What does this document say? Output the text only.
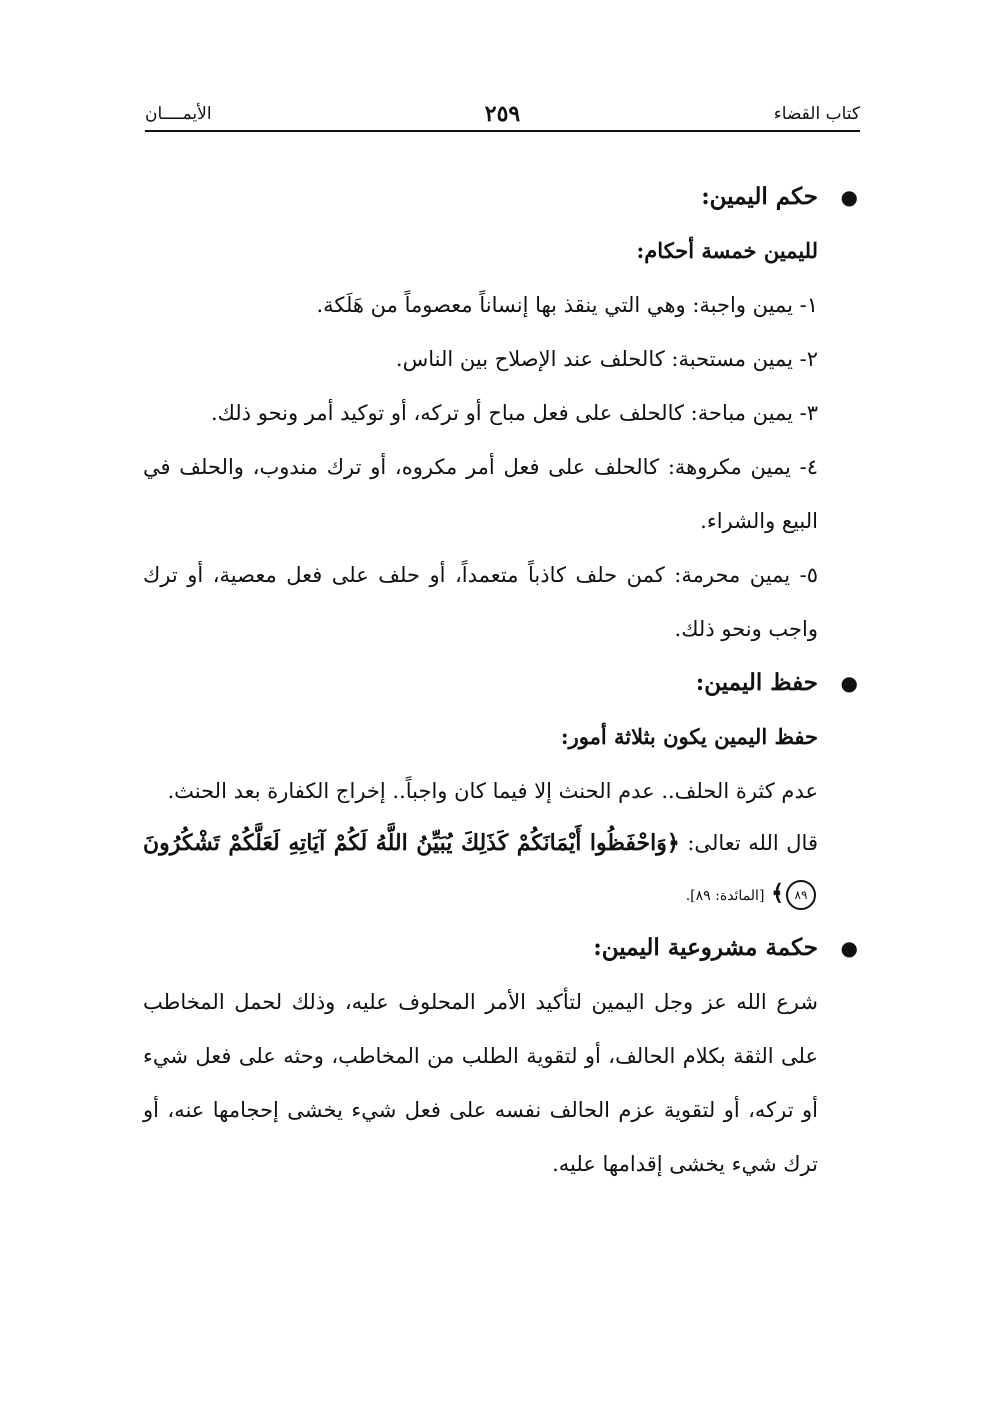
كتاب القضاء
٢٥٩
الأيمــــان

●
حكم اليمين:

لليمين خمسة أحكام:

١- يمين واجبة: وهي التي ينقذ بها إنساناً معصوماً من هَلَكة.

٢- يمين مستحبة: كالحلف عند الإصلاح بين الناس.

٣- يمين مباحة: كالحلف على فعل مباح أو تركه، أو توكيد أمر ونحو ذلك.

٤- يمين مكروهة: كالحلف على فعل أمر مكروه، أو ترك مندوب، والحلف في البيع والشراء.

٥- يمين محرمة: كمن حلف كاذباً متعمداً، أو حلف على فعل معصية، أو ترك واجب ونحو ذلك.

●
حفظ اليمين:

حفظ اليمين يكون بثلاثة أمور:

عدم كثرة الحلف.. عدم الحنث إلا فيما كان واجباً.. إخراج الكفارة بعد الحنث.

قال الله تعالى: ﴿وَاحْفَظُوا أَيْمَانَكُمْ كَذَلِكَ يُبَيِّنُ اللَّهُ لَكُمْ آيَاتِهِ لَعَلَّكُمْ تَشْكُرُونَ ٨٩﴾ [المائدة: ٨٩].

●
حكمة مشروعية اليمين:

شرع الله عز وجل اليمين لتأكيد الأمر المحلوف عليه، وذلك لحمل المخاطب على الثقة بكلام الحالف، أو لتقوية الطلب من المخاطب، وحثه على فعل شيء أو تركه، أو لتقوية عزم الحالف نفسه على فعل شيء يخشى إحجامها عنه، أو ترك شيء يخشى إقدامها عليه.
